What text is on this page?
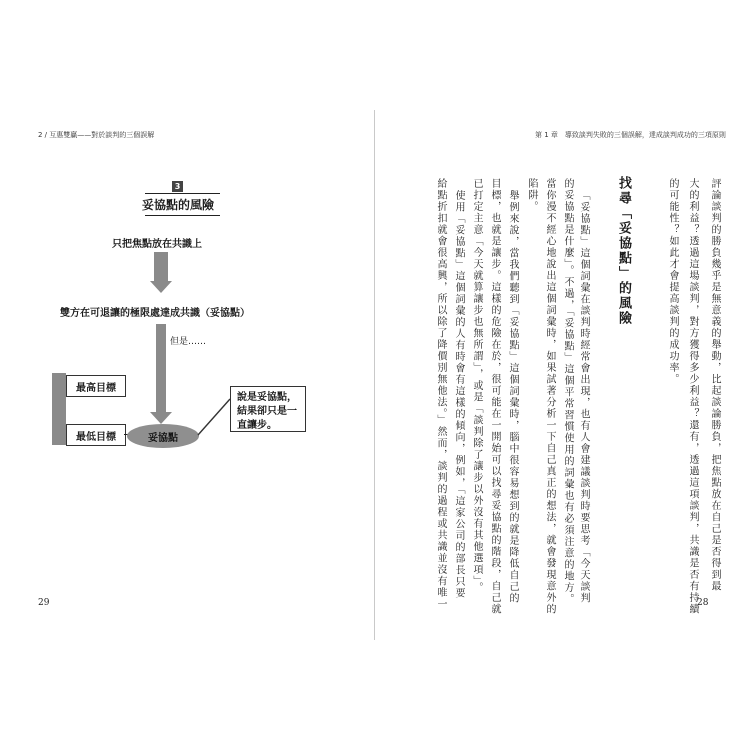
2 / 互惠雙贏——對於談判的三個誤解
3
妥協點的風險
只把焦點放在共識上
雙方在可退讓的極限處達成共識（妥協點）
但是……
最高目標
最低目標	妥協點
說是妥協點，結果卻只是一直讓步。
29
第 1 章　導致談判失敗的三個誤解，達成談判成功的三項原則
評論談判的勝負幾乎是無意義的舉動，比起談論勝負，把焦點放在自己是否得到最
大的利益？透過這場談判，對方獲得多少利益？還有，透過這項談判，共識是否有持續
的可能性？如此才會提高談判的成功率。
找尋「妥協點」的風險
「妥協點」這個詞彙在談判時經常會出現，也有人會建議談判時要思考「今天談判
的妥協點是什麼」。不過，「妥協點」這個平常習慣使用的詞彙也有必須注意的地方。
當你漫不經心地說出這個詞彙時，如果試著分析一下自己真正的想法，就會發現意外的
陷阱。
舉例來說，當我們聽到「妥協點」這個詞彙時，腦中很容易想到的就是降低自己的
目標，也就是讓步。這樣的危險在於，很可能在一開始可以找尋妥協點的階段，自己就
已打定主意「今天就算讓步也無所謂」，或是「談判除了讓步以外沒有其他選項」。
使用「妥協點」這個詞彙的人有時會有這樣的傾向，例如，「這家公司的部長只要
給點折扣就會很高興，所以除了降價別無他法。」然而，談判的過程或共識並沒有唯一	28
